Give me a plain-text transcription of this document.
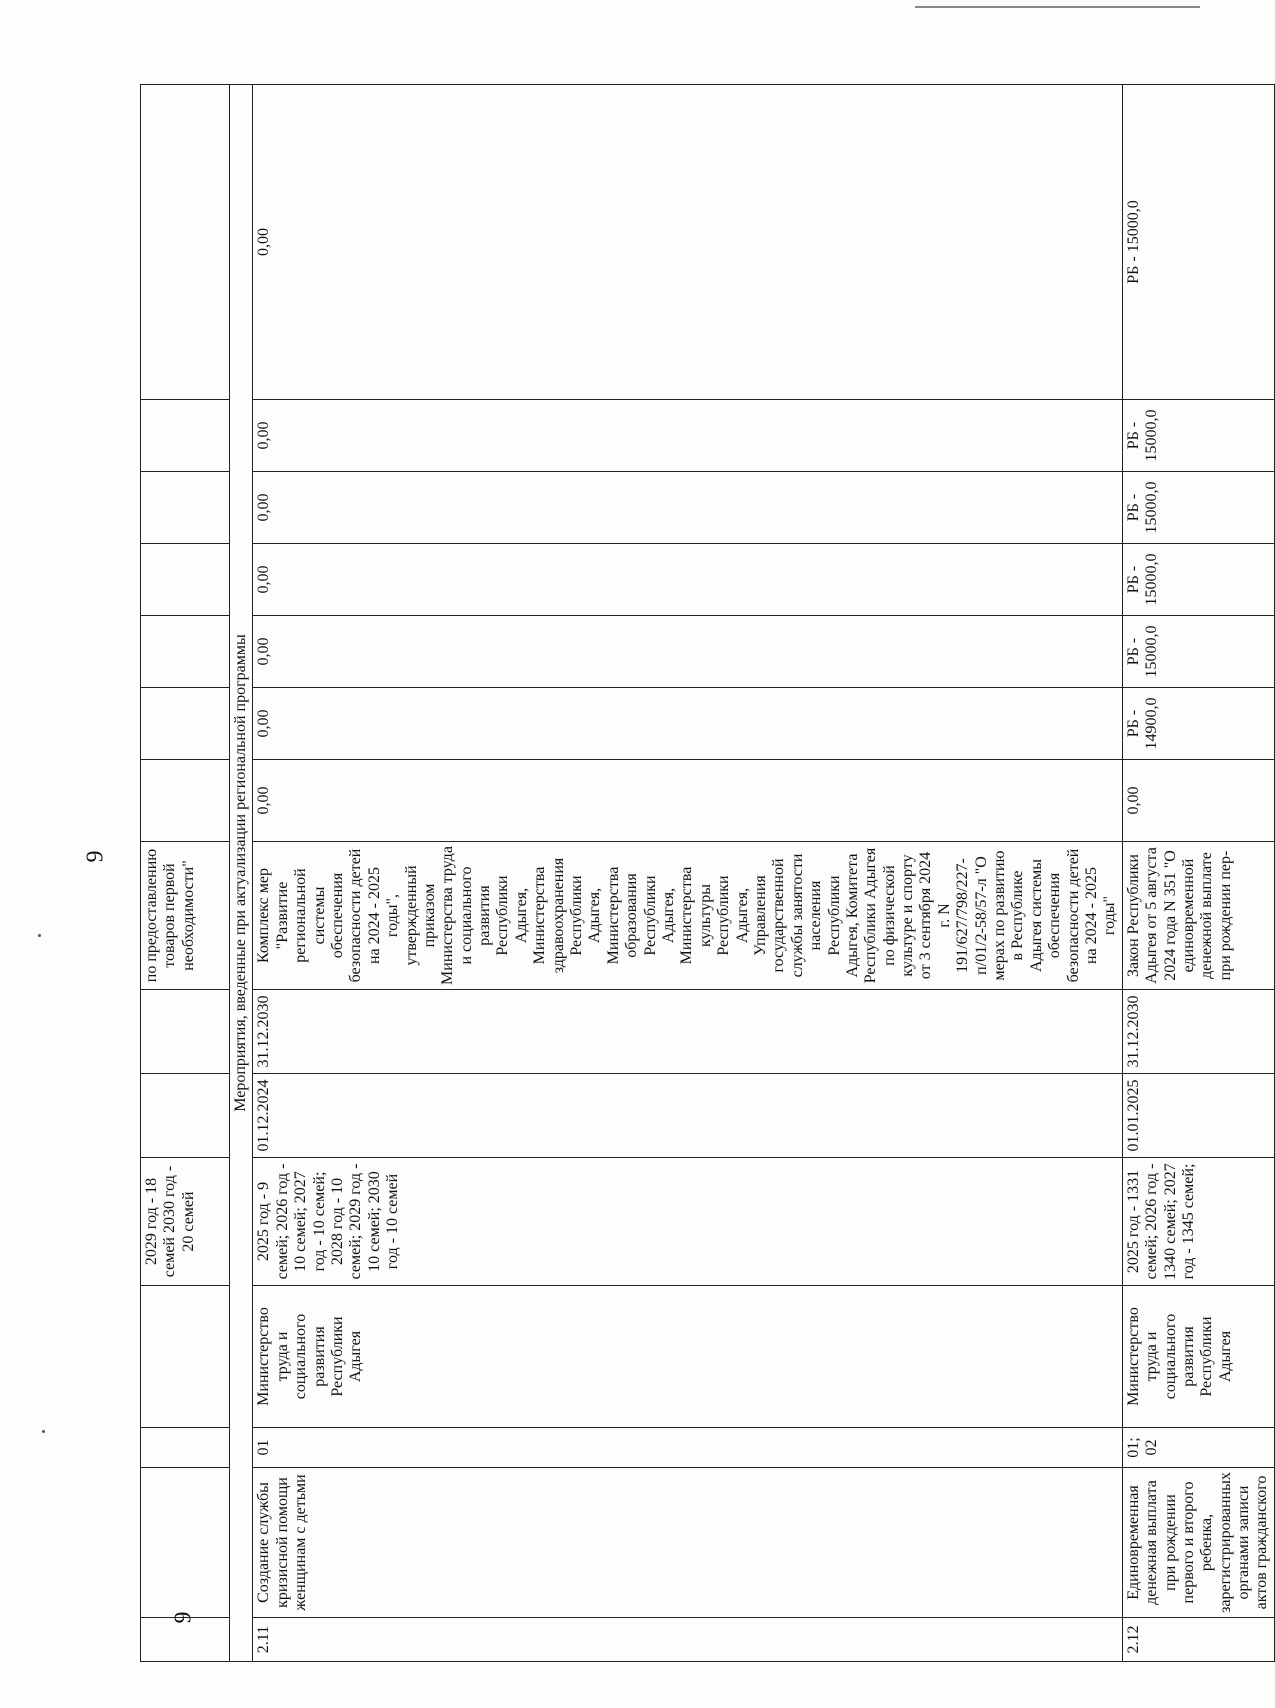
9
9
				2029 год - 18 семей 2030 год - 20 семей			по предоставлению товаров первой необходимости"							
Мероприятия, введенные при актуализации региональной программы														
2.11	Создание службы кризисной помощи женщинам с детьми	01	Министерство труда и социального развития Республики Адыгея	2025 год - 9 семей; 2026 год - 10 семей; 2027 год - 10 семей; 2028 год - 10 семей; 2029 год - 10 семей; 2030 год - 10 семей	01.12.2024	31.12.2030	Комплекс мер "Развитие региональной системы обеспечения безопасности детей на 2024 - 2025 годы", утвержденный приказом Министерства труда и социального развития Республики Адыгея, Министерства здравоохранения Республики Адыгея, Министерства образования Республики Адыгея, Министерства культуры Республики Адыгея, Управления государственной службы занятости населения Республики Адыгея, Комитета Республики Адыгея по физической культуре и спорту от 3 сентября 2024 г. N 191/627/798/227-п/01/2-58/57-л "О мерах по развитию в Республике Адыгея системы обеспечения безопасности детей на 2024 - 2025 годы"	0,00	0,00	0,00	0,00	0,00	0,00	0,00
2.12	Единовременная денежная выплата при рождении первого и второго ребенка, зарегистрированных органами записи актов гражданского	01; 02	Министерство труда и социального развития Республики Адыгея	2025 год - 1331 семей; 2026 год - 1340 семей; 2027 год - 1345 семей;	01.01.2025	31.12.2030	Закон Республики Адыгея от 5 августа 2024 года N 351 "О единовременной денежной выплате при рождении пер-	0,00	РБ - 14900,0	РБ - 15000,0	РБ - 15000,0	РБ - 15000,0	РБ - 15000,0	РБ - 15000,0
